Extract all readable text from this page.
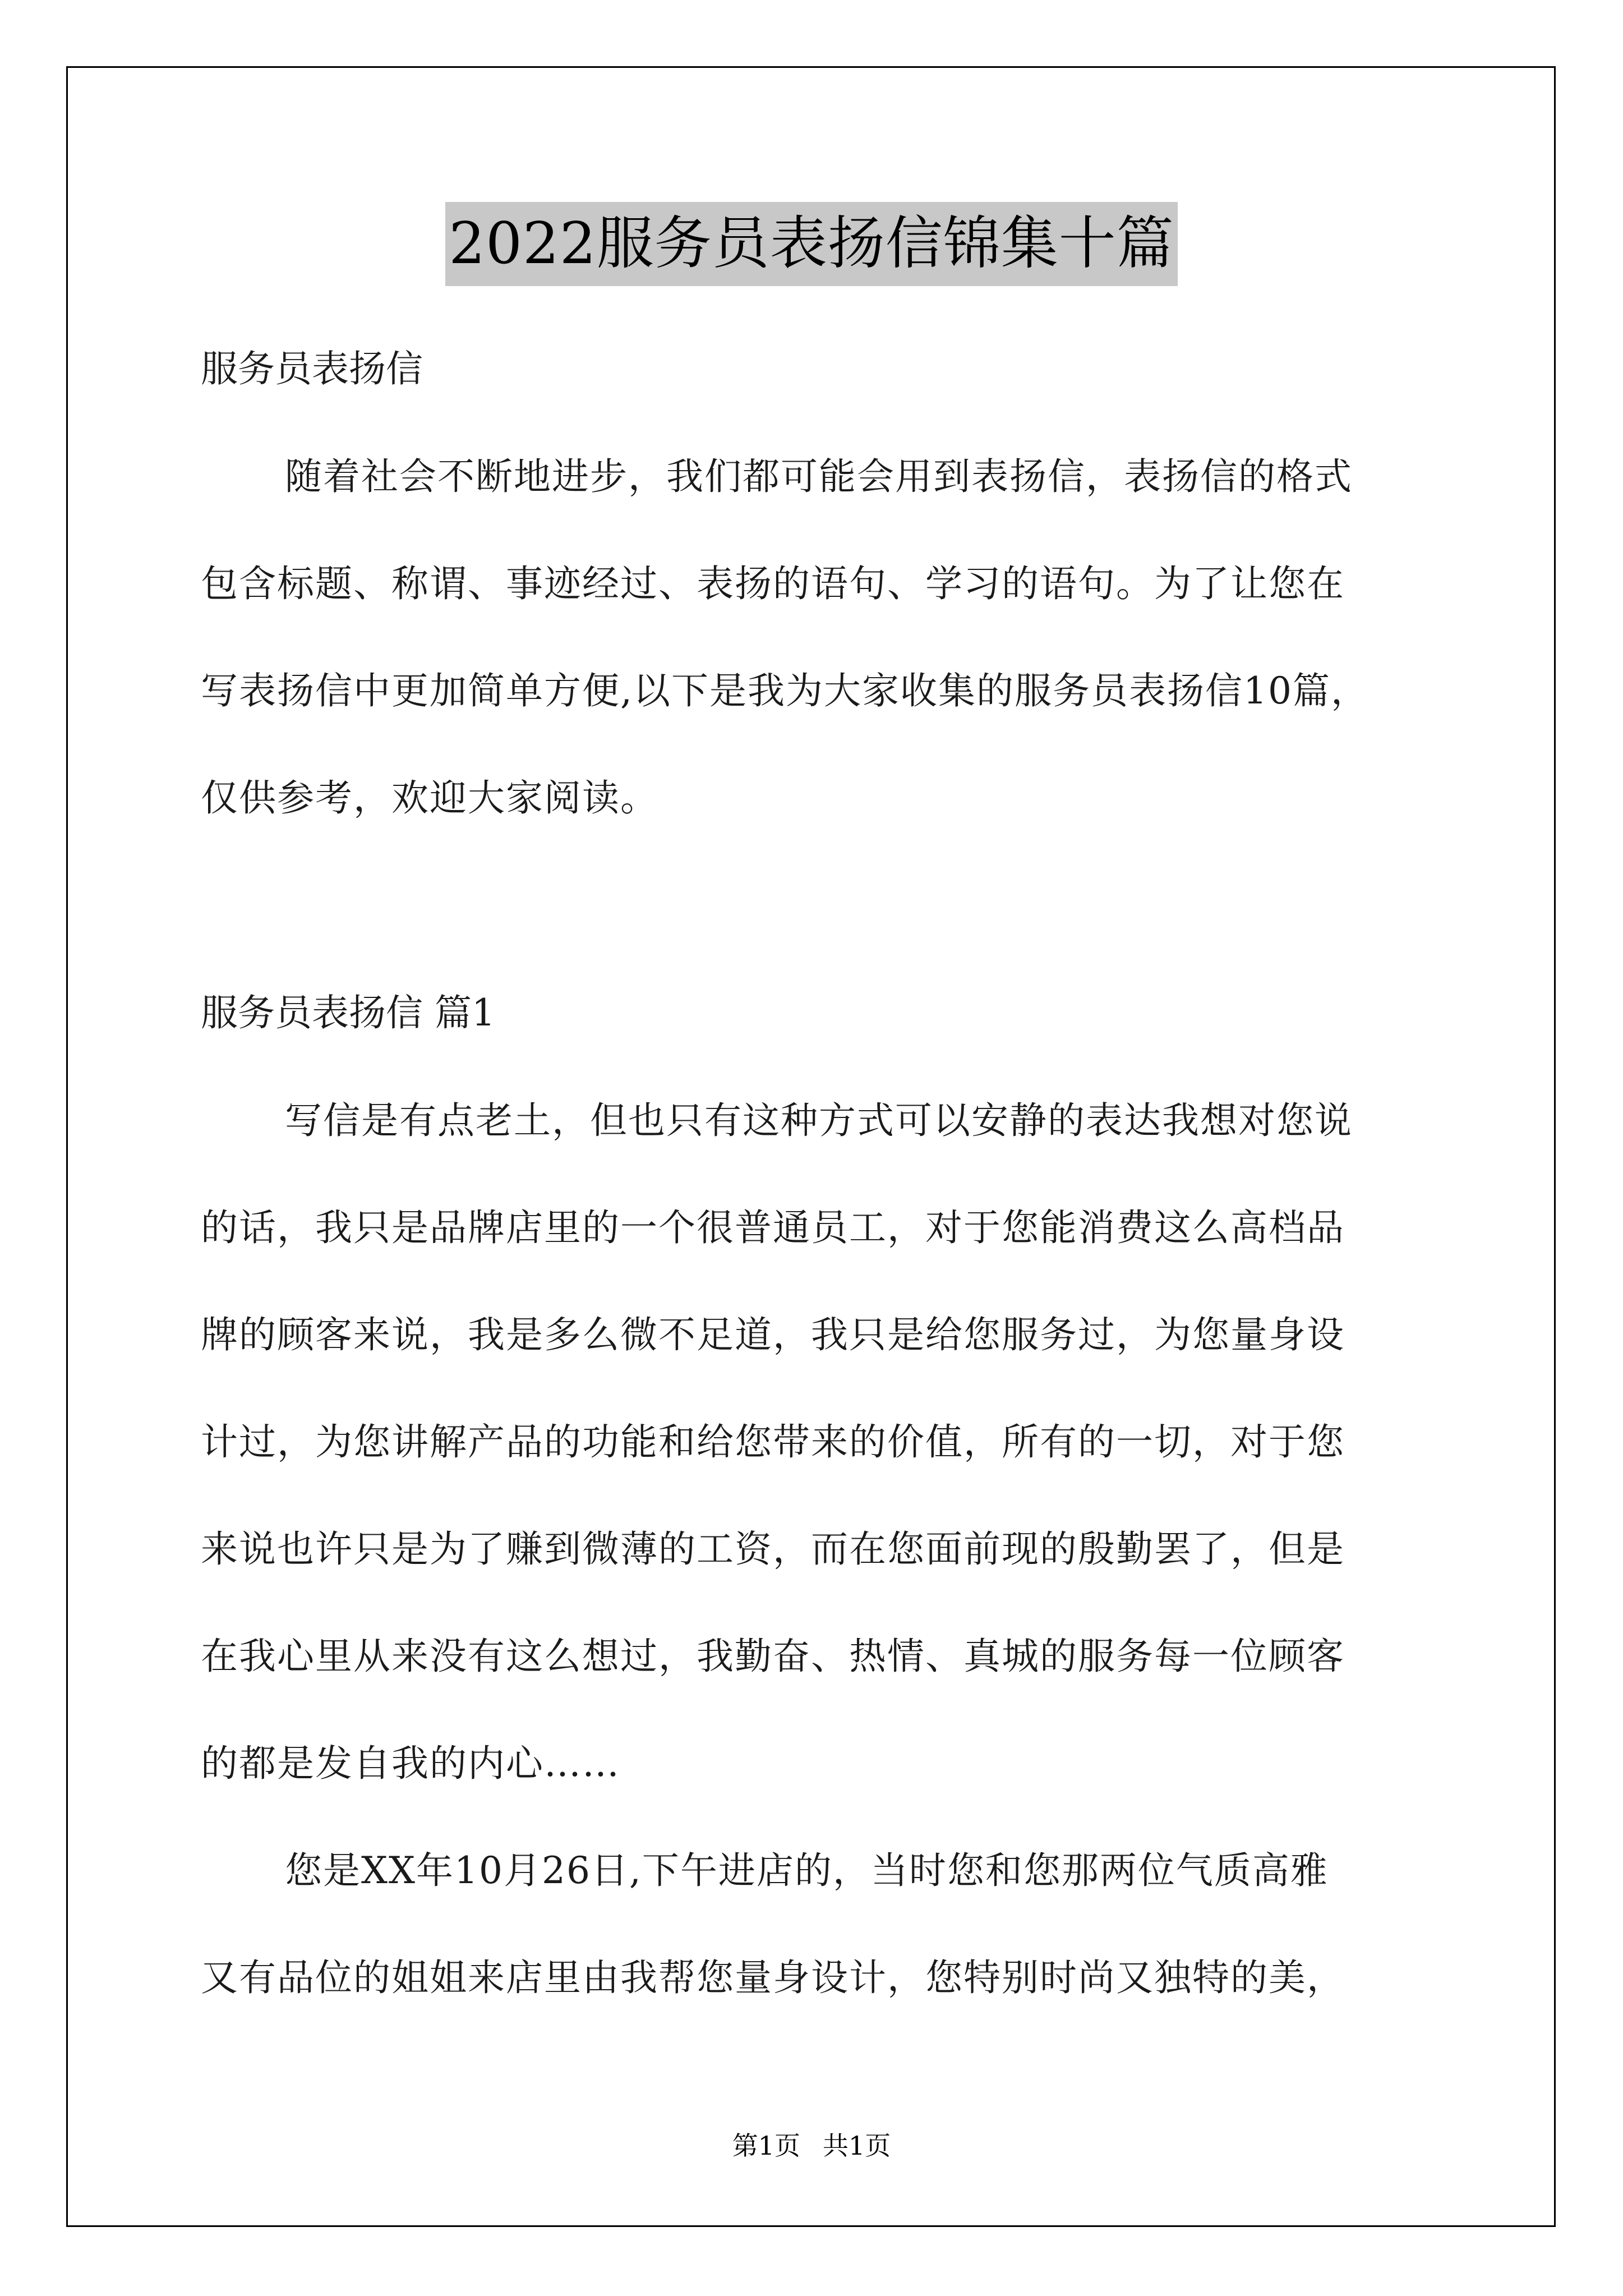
2022服务员表扬信锦集十篇

服务员表扬信

随着社会不断地进步，我们都可能会用到表扬信，表扬信的格式
包含标题、称谓、事迹经过、表扬的语句、学习的语句。为了让您在
写表扬信中更加简单方便,以下是我为大家收集的服务员表扬信10篇，
仅供参考，欢迎大家阅读。

服务员表扬信 篇1

写信是有点老土，但也只有这种方式可以安静的表达我想对您说
的话，我只是品牌店里的一个很普通员工，对于您能消费这么高档品
牌的顾客来说，我是多么微不足道，我只是给您服务过，为您量身设
计过，为您讲解产品的功能和给您带来的价值，所有的一切，对于您
来说也许只是为了赚到微薄的工资，而在您面前现的殷勤罢了，但是
在我心里从来没有这么想过，我勤奋、热情、真城的服务每一位顾客
的都是发自我的内心……

您是XX年10月26日,下午进店的，当时您和您那两位气质高雅
又有品位的姐姐来店里由我帮您量身设计，您特别时尚又独特的美，

第1页 共1页
